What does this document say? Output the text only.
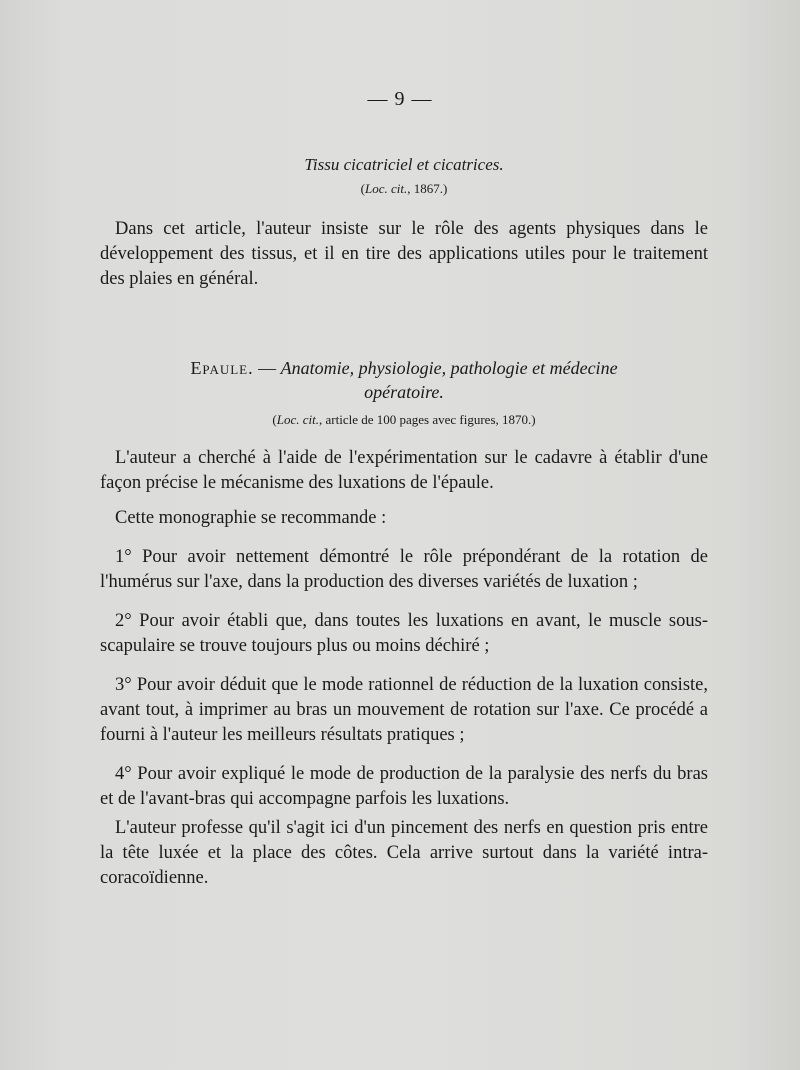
— 9 —
Tissu cicatriciel et cicatrices.
(Loc. cit., 1867.)

Dans cet article, l'auteur insiste sur le rôle des agents physiques dans le développement des tissus, et il en tire des applications utiles pour le traitement des plaies en général.

Epaule. — Anatomie, physiologie, pathologie et médecine
opératoire.
(Loc. cit., article de 100 pages avec figures, 1870.)

L'auteur a cherché à l'aide de l'expérimentation sur le cadavre à établir d'une façon précise le mécanisme des luxations de l'épaule.

Cette monographie se recommande :

1° Pour avoir nettement démontré le rôle prépondérant de la rotation de l'humérus sur l'axe, dans la production des diverses variétés de luxation ;

2° Pour avoir établi que, dans toutes les luxations en avant, le muscle sous-scapulaire se trouve toujours plus ou moins déchiré ;

3° Pour avoir déduit que le mode rationnel de réduction de la luxation consiste, avant tout, à imprimer au bras un mouvement de rotation sur l'axe. Ce procédé a fourni à l'auteur les meilleurs résultats pratiques ;

4° Pour avoir expliqué le mode de production de la paralysie des nerfs du bras et de l'avant-bras qui accompagne parfois les luxations.

L'auteur professe qu'il s'agit ici d'un pincement des nerfs en question pris entre la tête luxée et la place des côtes. Cela arrive surtout dans la variété intra-coracoïdienne.
